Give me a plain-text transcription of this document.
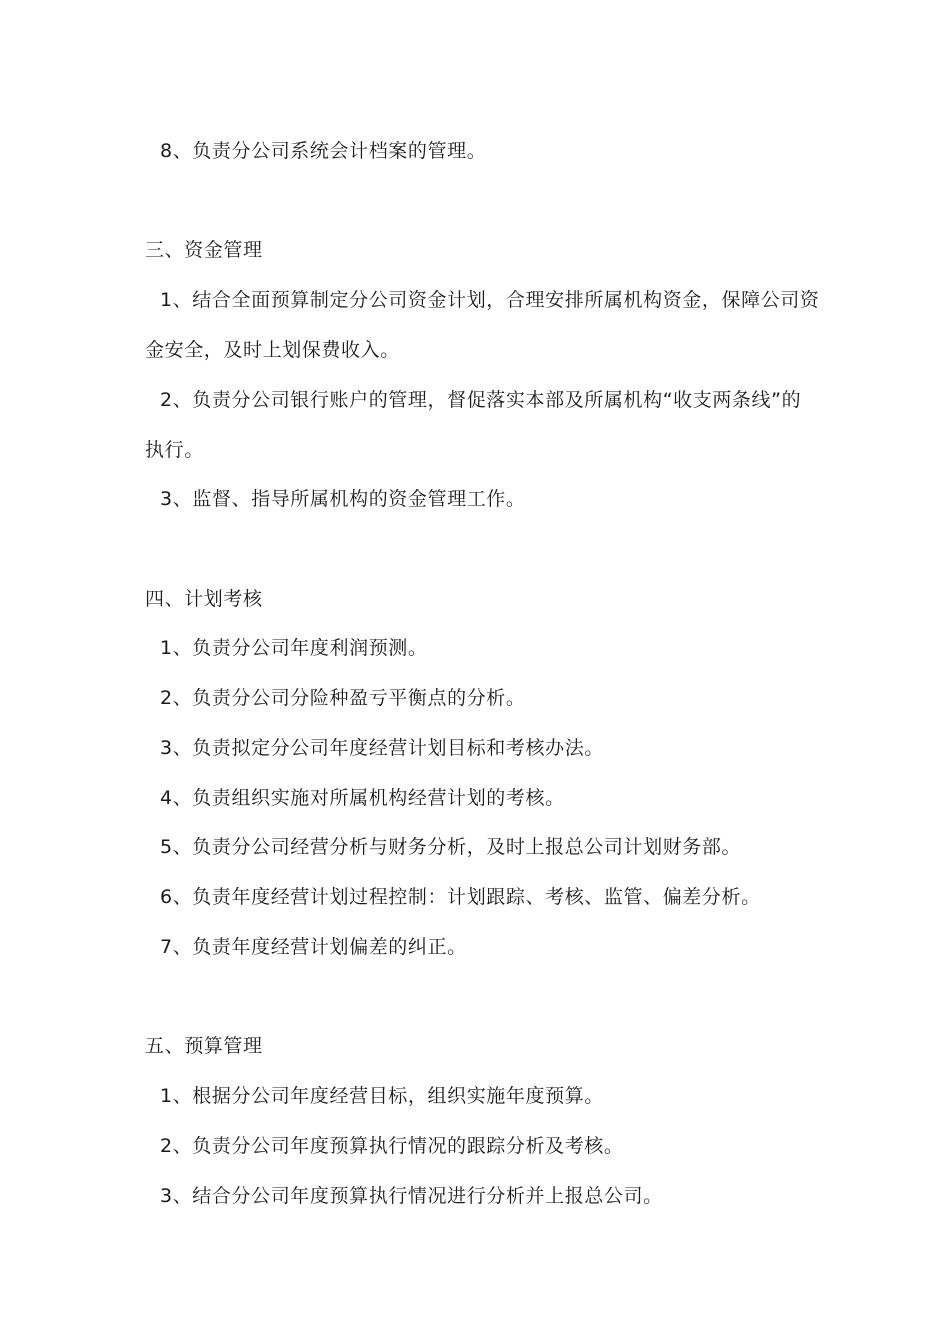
8、负责分公司系统会计档案的管理。
三、资金管理
1、结合全面预算制定分公司资金计划，合理安排所属机构资金，保障公司资
金安全，及时上划保费收入。
2、负责分公司银行账户的管理，督促落实本部及所属机构“收支两条线”的
执行。
3、监督、指导所属机构的资金管理工作。
四、计划考核
1、负责分公司年度利润预测。
2、负责分公司分险种盈亏平衡点的分析。
3、负责拟定分公司年度经营计划目标和考核办法。
4、负责组织实施对所属机构经营计划的考核。
5、负责分公司经营分析与财务分析，及时上报总公司计划财务部。
6、负责年度经营计划过程控制：计划跟踪、考核、监管、偏差分析。
7、负责年度经营计划偏差的纠正。
五、预算管理
1、根据分公司年度经营目标，组织实施年度预算。
2、负责分公司年度预算执行情况的跟踪分析及考核。
3、结合分公司年度预算执行情况进行分析并上报总公司。
